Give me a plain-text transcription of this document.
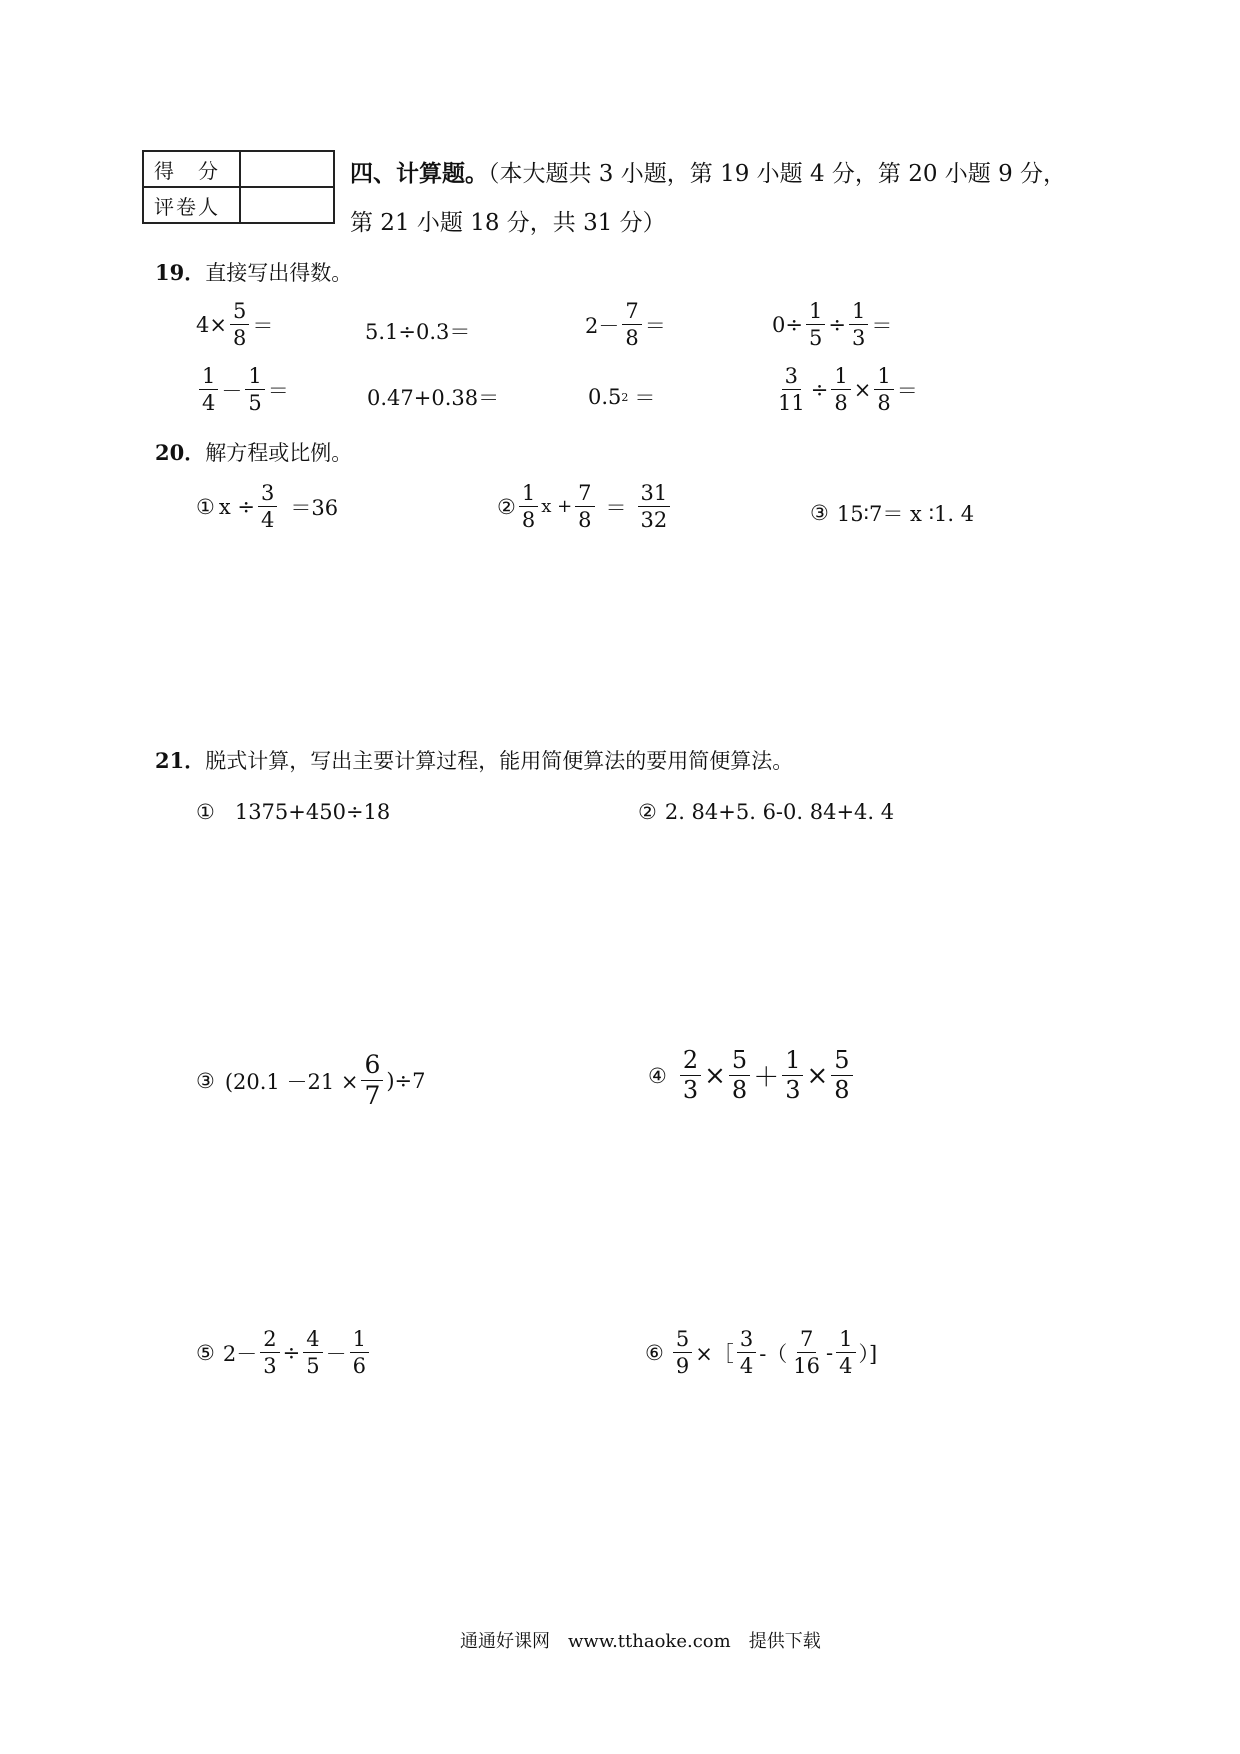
得　分	
评卷人	
四、计算题。（本大题共 3 小题，第 19 小题 4 分，第 20 小题 9 分，
第 21 小题 18 分，共 31 分）
19．直接写出得数。
$4\times \frac{5}{8}$ ＝	5.1÷0.3＝	$2- \frac{7}{8}$ ＝	$0\div \frac{1}{5} \div \frac{1}{3}$ ＝
$\frac{1}{4} - \frac{1}{5}$ ＝	0.47+0.38＝	0.5 2 ＝	$\frac{3}{11} \div \frac{1}{8} \times \frac{1}{8}$ ＝
20．解方程或比例。
① $x \div \frac{3}{4} =36$	② $\frac{1}{8}$ $x + \frac{7}{8} = \frac{31}{32}$	③ 15∶7＝ x ∶1. 4
21．脱式计算，写出主要计算过程，能用简便算法的要用简便算法。
① 1375+450÷18	② 2. 84+5. 6-0. 84+4. 4
③ $(20.1 -21 \times \frac{6}{7} )\div 7$	④ $\frac{2}{3} \times \frac{5}{8} + \frac{1}{3} \times \frac{5}{8}$
⑤ $2- \frac{2}{3} \div \frac{4}{5} - \frac{1}{6}$	⑥ $\frac{5}{9}$ ×［ $\frac{3}{4}$ -（ $\frac{7}{16} - \frac{1}{4}$ ）]
通通好课网　www.tthaoke.com　提供下载
